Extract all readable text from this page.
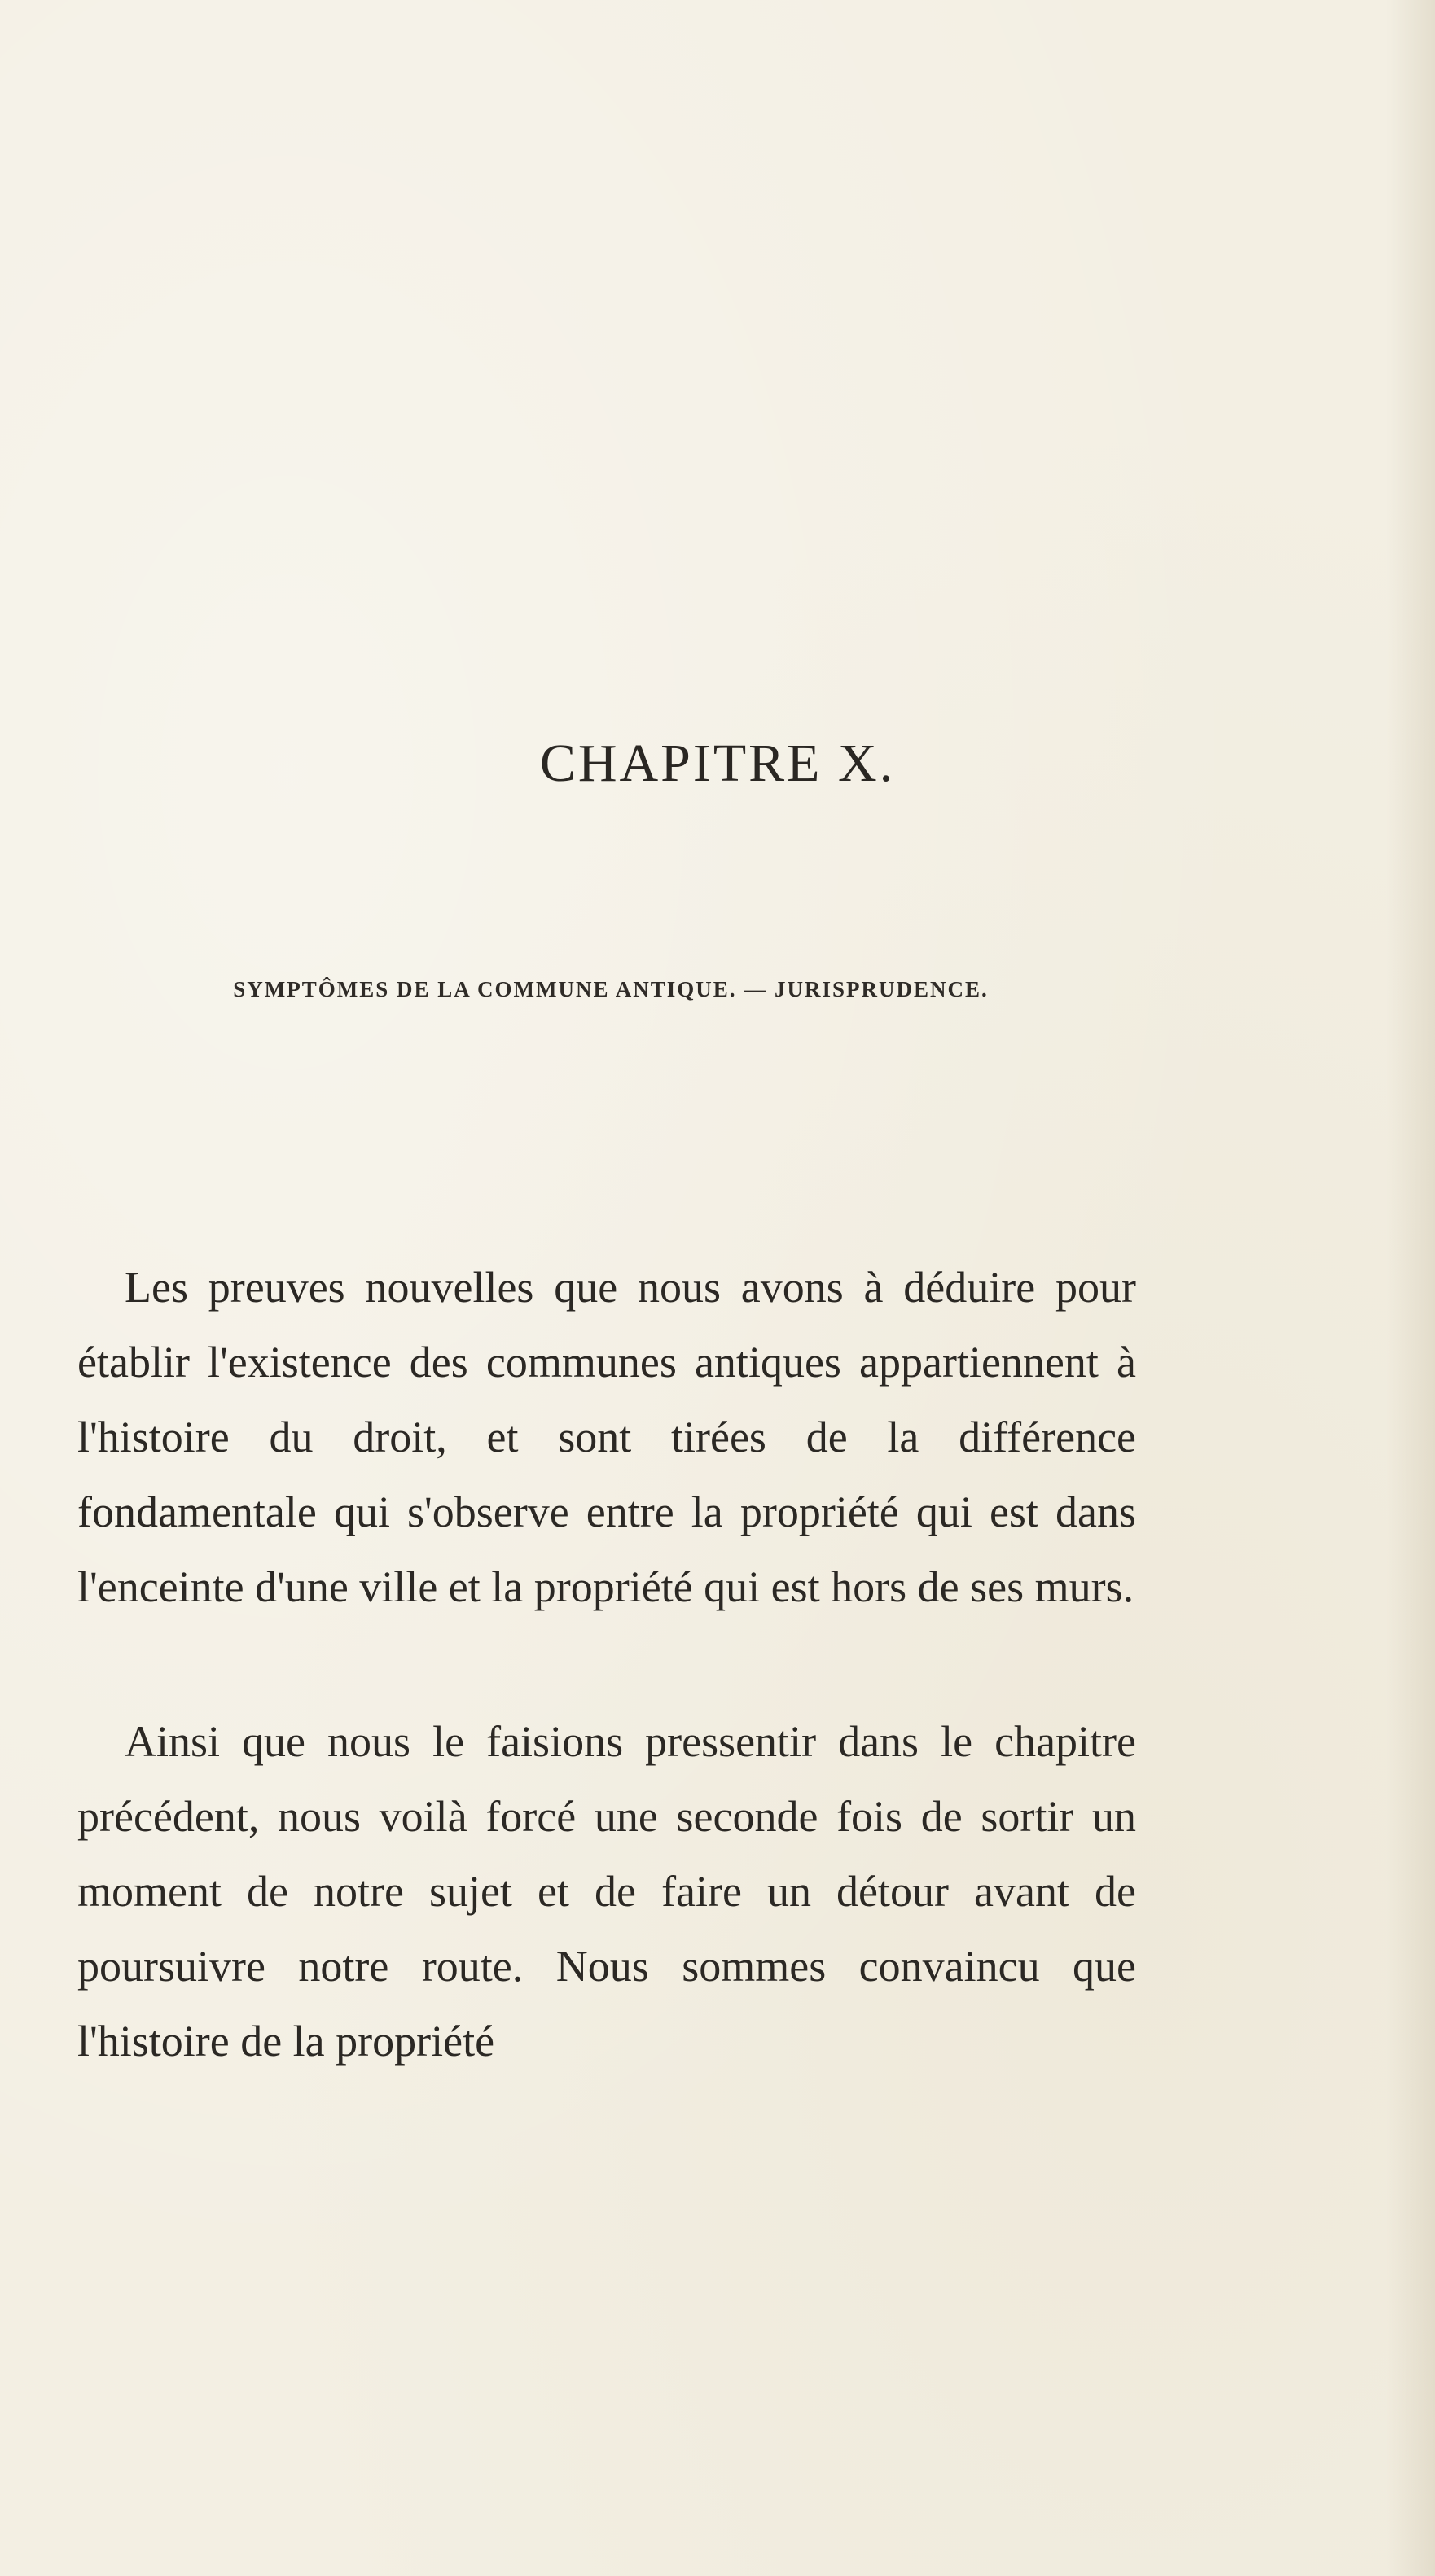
CHAPITRE X.
SYMPTÔMES DE LA COMMUNE ANTIQUE. — JURISPRUDENCE.

Les preuves nouvelles que nous avons à déduire pour établir l'existence des communes antiques appartiennent à l'histoire du droit, et sont tirées de la différence fondamentale qui s'observe entre la propriété qui est dans l'enceinte d'une ville et la propriété qui est hors de ses murs.

Ainsi que nous le faisions pressentir dans le chapitre précédent, nous voilà forcé une seconde fois de sortir un moment de notre sujet et de faire un détour avant de poursuivre notre route. Nous sommes convaincu que l'histoire de la propriété
